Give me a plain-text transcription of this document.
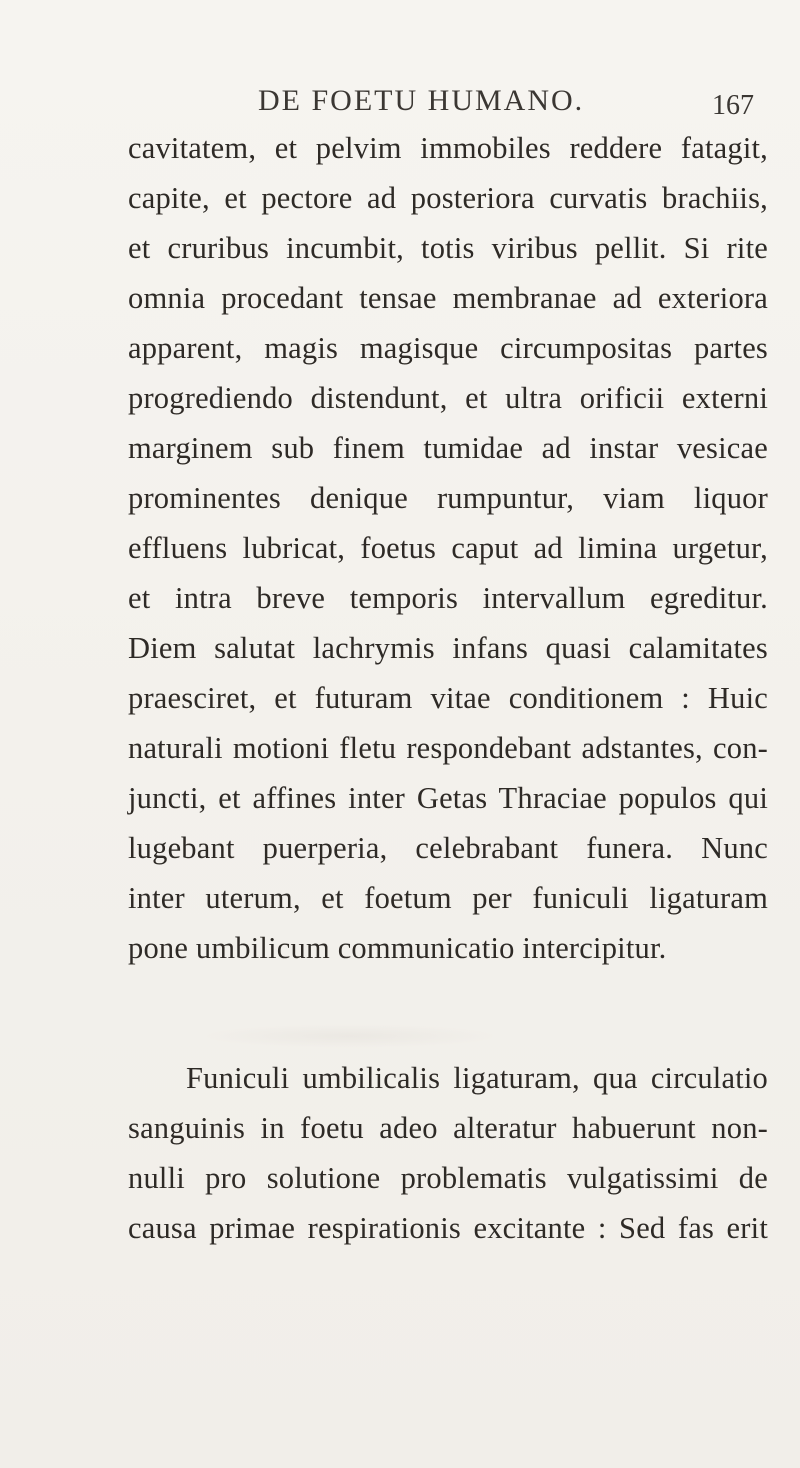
DE FOETU HUMANO.	167
cavitatem, et pelvim immobiles reddere fatagit,
capite, et pectore ad posteriora curvatis brachiis,
et cruribus incumbit, totis viribus pellit. Si rite
omnia procedant tensae membranae ad exteriora
apparent, magis magisque circumpositas partes
progrediendo distendunt, et ultra orificii externi
marginem sub finem tumidae ad instar vesicae
prominentes denique rumpuntur, viam liquor
effluens lubricat, foetus caput ad limina urgetur,
et intra breve temporis intervallum egreditur.
Diem salutat lachrymis infans quasi calamitates
praesciret, et futuram vitae conditionem : Huic
naturali motioni fletu respondebant adstantes, con-
juncti, et affines inter Getas Thraciae populos qui
lugebant puerperia, celebrabant funera. Nunc
inter uterum, et foetum per funiculi ligaturam
pone umbilicum communicatio intercipitur.
Funiculi umbilicalis ligaturam, qua circulatio
sanguinis in foetu adeo alteratur habuerunt non-
nulli pro solutione problematis vulgatissimi de
causa primae respirationis excitante : Sed fas erit
